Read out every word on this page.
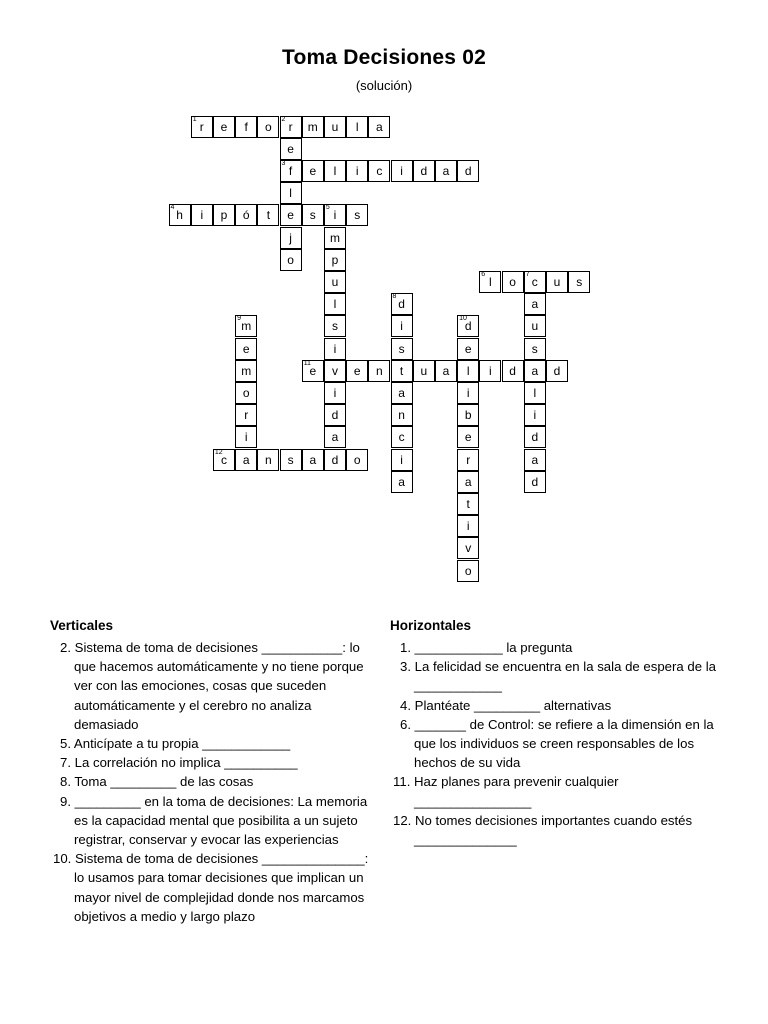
Toma Decisiones 02
(solución)
1
r e f o
2
r m u l a
e
3
f
l
e
j
o
e l i c i d a d
4
h i p ó t	s
5
i s
m
p
u
l
s
i
v
i
d
a
d
6
l o
7
c u s
a
u
s
a
l
i
d
a
d
8
d
i
s
t
a
n
c
i
a
9
m
e
m
o
r
i
a
10
d
e
l
i
b
e
r
a
t
i
v
o
11
e	e n	u a	i d	d
12
c	n s a	o
Verticales

2. Sistema de toma de decisiones ___________: lo que hacemos automáticamente y no tiene porque ver con las emociones, cosas que suceden automáticamente y el cerebro no analiza demasiado

5. Anticípate a tu propia ____________

7. La correlación no implica __________

8. Toma _________ de las cosas

9. _________ en la toma de decisiones: La memoria es la capacidad mental que posibilita a un sujeto registrar, conservar y evocar las experiencias

10. Sistema de toma de decisiones ______________: lo usamos para tomar decisiones que implican un mayor nivel de complejidad donde nos marcamos objetivos a medio y largo plazo

Horizontales

1. ____________ la pregunta

3. La felicidad se encuentra en la sala de espera de la ____________

4. Plantéate _________ alternativas

6. _______ de Control: se refiere a la dimensión en la que los individuos se creen responsables de los hechos de su vida

11. Haz planes para prevenir cualquier ________________

12. No tomes decisiones importantes cuando estés ______________
